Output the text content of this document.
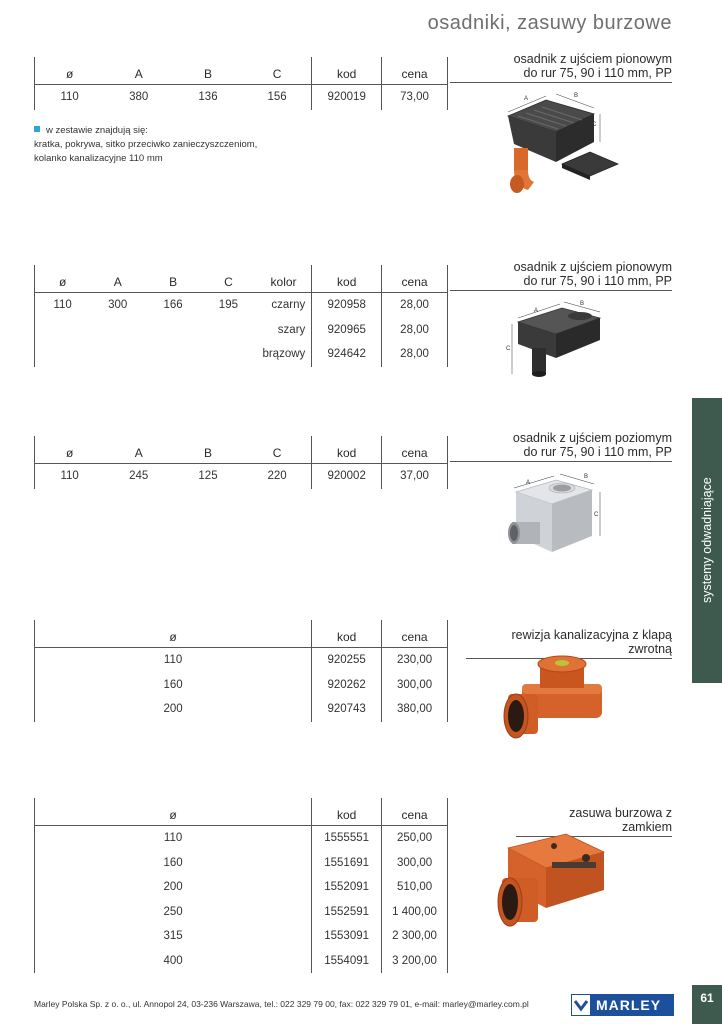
osadniki, zasuwy burzowe
osadnik z ujściem pionowym
do rur 75, 90 i 110 mm, PP
ø	A	B	C	kod	cena
110	380	136	156	920019	73,00
w zestawie znajdują się:
kratka, pokrywa, sitko przeciwko zanieczyszczeniom,
kolanko kanalizacyjne 110 mm
A	B
C
osadnik z ujściem pionowym
do rur 75, 90 i 110 mm, PP
ø	A	B	C	kolor	kod	cena
110	300	166	195	czarny	920958	28,00
				szary	920965	28,00
				brązowy	924642	28,00
A
B
C
osadnik z ujściem poziomym
do rur 75, 90 i 110 mm, PP
ø	A	B	C	kod	cena
110	245	125	220	920002	37,00
A
B
C
rewizja kanalizacyjna z klapą zwrotną
ø	kod	cena
110	920255	230,00
160	920262	300,00
200	920743	380,00
zasuwa burzowa z zamkiem
ø	kod	cena
110	1555551	250,00
160	1551691	300,00
200	1552091	510,00
250	1552591	1 400,00
315	1553091	2 300,00
400	1554091	3 200,00
systemy odwadniające
Marley Polska Sp. z o. o., ul. Annopol 24, 03-236 Warszawa, tel.: 022 329 79 00, fax: 022 329 79 01, e-mail: marley@marley.com.pl	MARLEY	61
